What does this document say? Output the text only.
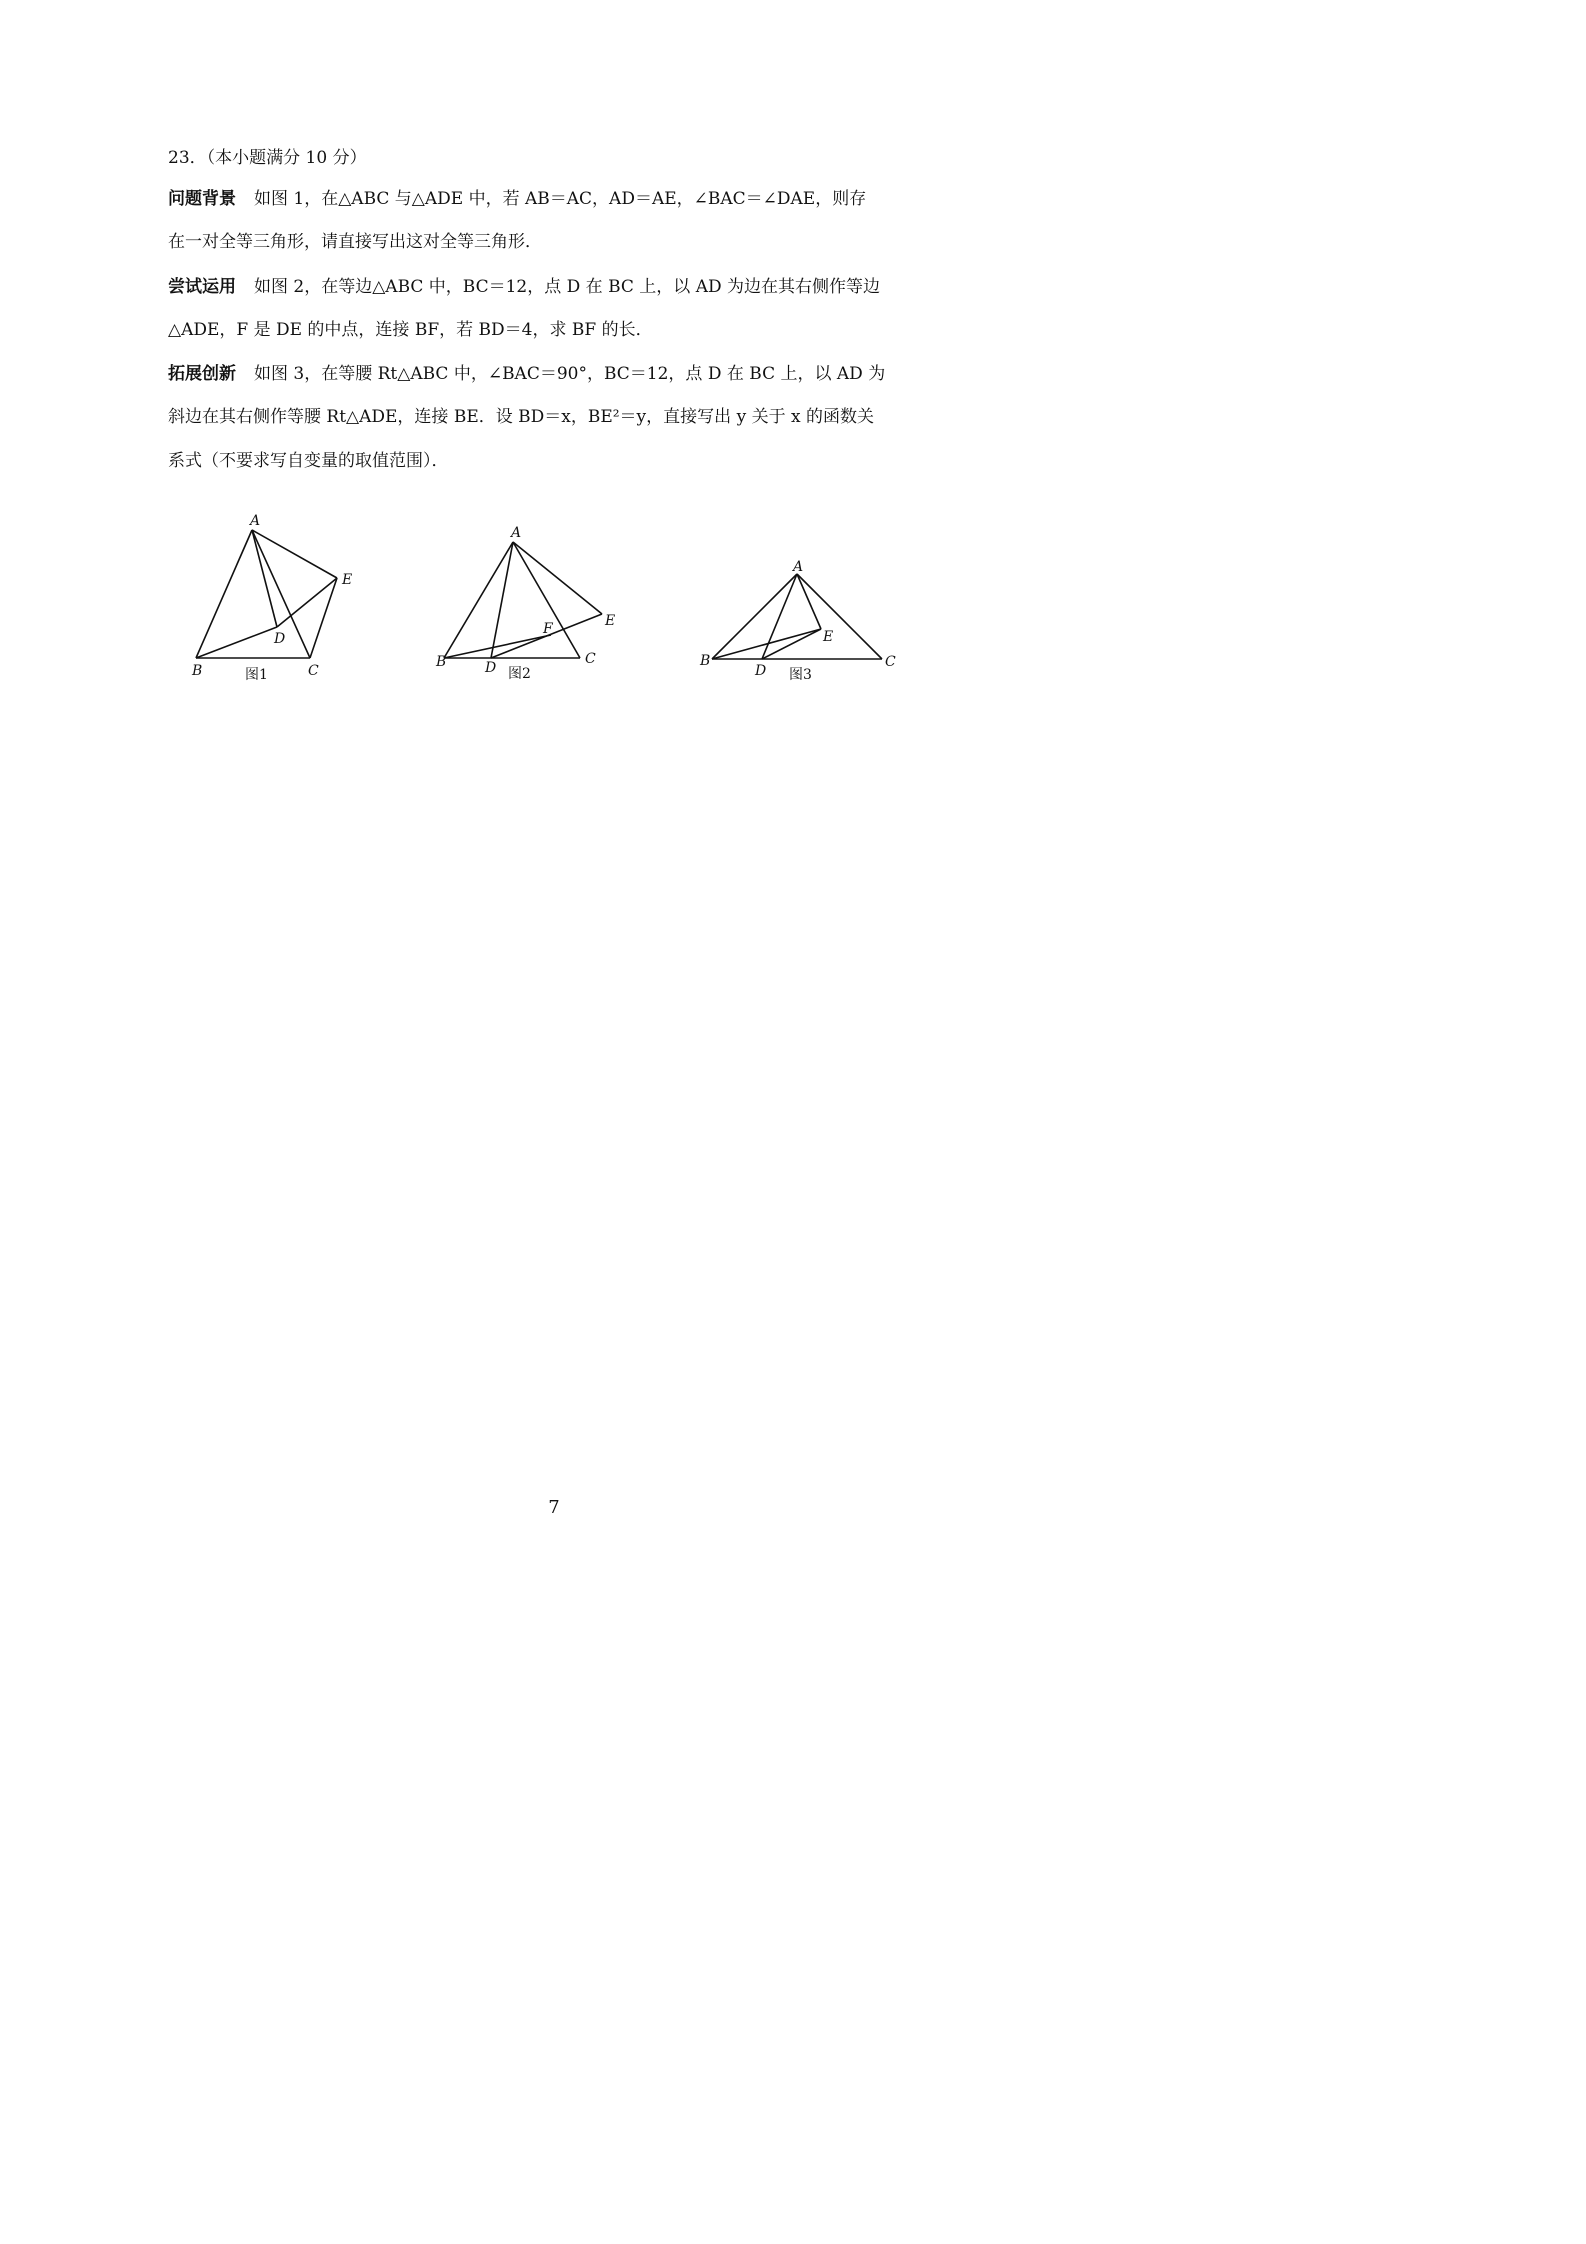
23．（本小题满分 10 分）
问题背景 如图 1，在△ABC 与△ADE 中，若 AB＝AC，AD＝AE，∠BAC＝∠DAE，则存
在一对全等三角形，请直接写出这对全等三角形．
尝试运用 如图 2，在等边△ABC 中，BC＝12，点 D 在 BC 上，以 AD 为边在其右侧作等边
△ADE，F 是 DE 的中点，连接 BF，若 BD＝4，求 BF 的长．
拓展创新 如图 3，在等腰 Rt△ABC 中，∠BAC＝90°，BC＝12，点 D 在 BC 上，以 AD 为
斜边在其右侧作等腰 Rt△ADE，连接 BE．设 BD＝x，BE²＝y，直接写出 y 关于 x 的函数关
系式（不要求写自变量的取值范围）．
A
B	C
D
E
图1
A
B	C
D
E
F
图2
A
B	C
D
E
图3
7
